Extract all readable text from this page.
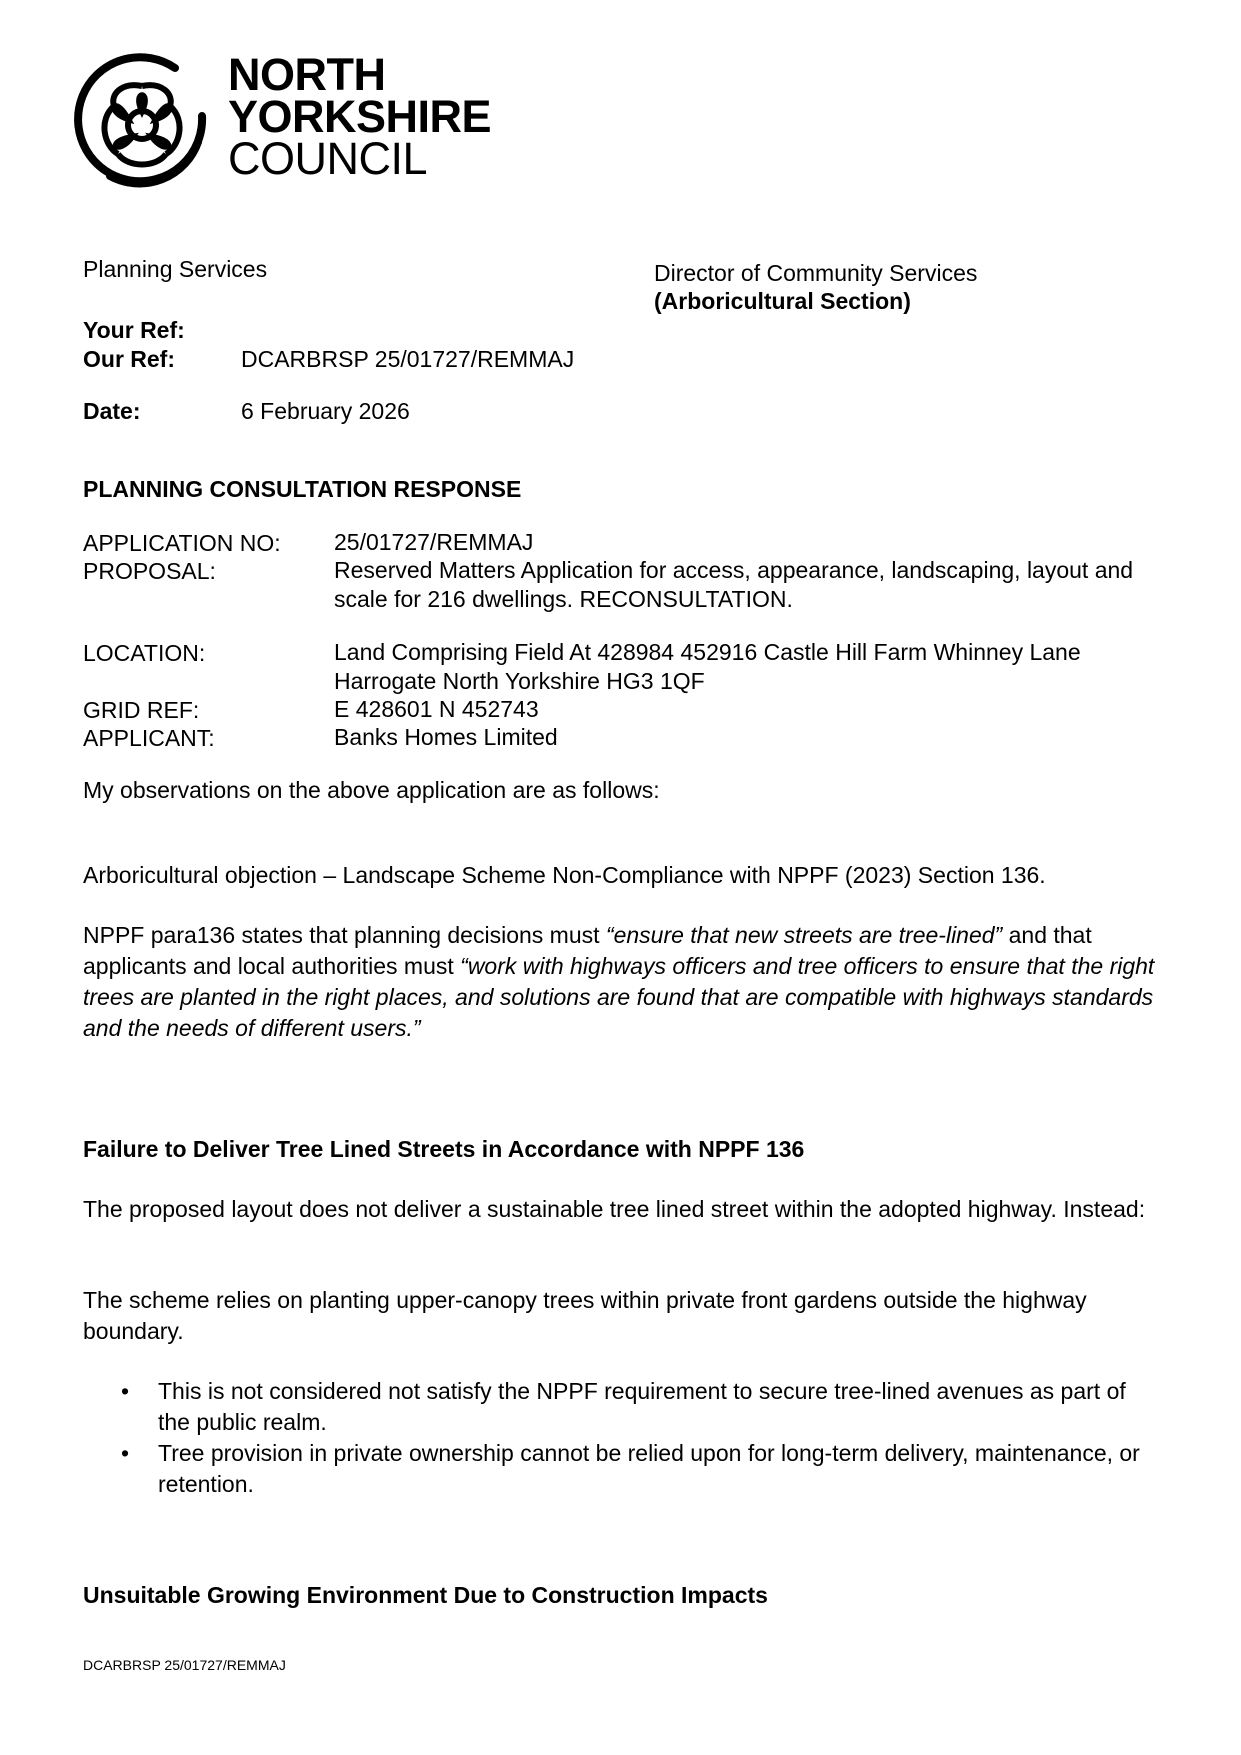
NORTH
YORKSHIRE
COUNCIL
Planning Services	Director of Community Services
(Arboricultural Section)
Your Ref:
Our Ref:	DCARBRSP 25/01727/REMMAJ
Date:	6 February 2026
PLANNING CONSULTATION RESPONSE
APPLICATION NO: 25/01727/REMMAJ
PROPOSAL:	Reserved Matters Application for access, appearance, landscaping, layout and scale for 216 dwellings. RECONSULTATION.
LOCATION:	Land Comprising Field At 428984 452916 Castle Hill Farm Whinney Lane Harrogate North Yorkshire HG3 1QF
GRID REF:	E 428601 N 452743
APPLICANT:	Banks Homes Limited

My observations on the above application are as follows:

Arboricultural objection – Landscape Scheme Non-Compliance with NPPF (2023) Section 136.

NPPF para136 states that planning decisions must “ensure that new streets are tree-lined” and that applicants and local authorities must “work with highways officers and tree officers to ensure that the right trees are planted in the right places, and solutions are found that are compatible with highways standards and the needs of different users.”

Failure to Deliver Tree Lined Streets in Accordance with NPPF 136

The proposed layout does not deliver a sustainable tree lined street within the adopted highway. Instead:

The scheme relies on planting upper-canopy trees within private front gardens outside the highway boundary.

• This is not considered not satisfy the NPPF requirement to secure tree-lined avenues as part of the public realm.
• Tree provision in private ownership cannot be relied upon for long-term delivery, maintenance, or retention.

Unsuitable Growing Environment Due to Construction Impacts

DCARBRSP 25/01727/REMMAJ
